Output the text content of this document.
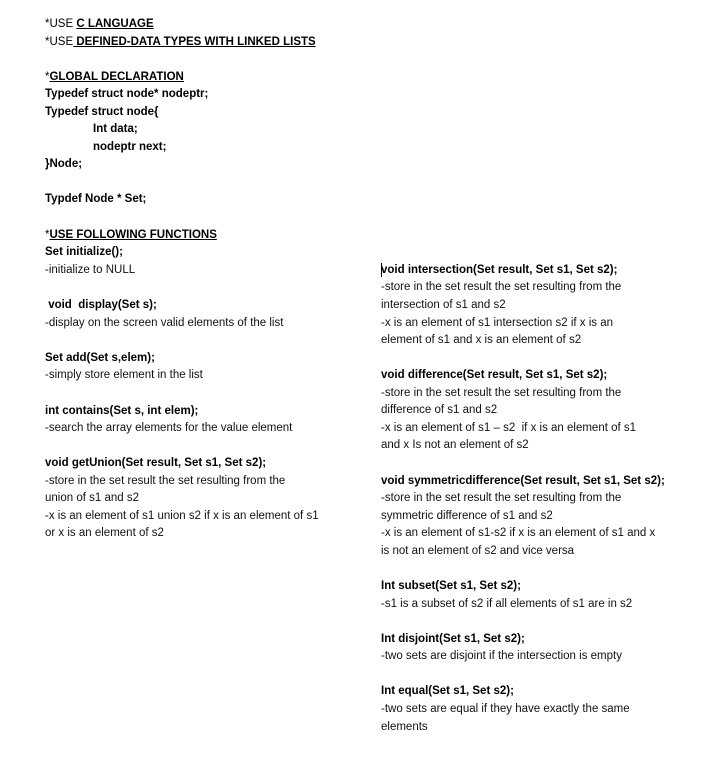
*USE C LANGUAGE
*USE DEFINED-DATA TYPES WITH LINKED LISTS
*GLOBAL DECLARATION
Typedef struct node* nodeptr;
Typedef struct node{
Int data;
nodeptr next;
}Node;
Typdef Node * Set;
*USE FOLLOWING FUNCTIONS
Set initialize();
-initialize to NULL
void  display(Set s);
-display on the screen valid elements of the list
Set add(Set s,elem);
-simply store element in the list
int contains(Set s, int elem);
-search the array elements for the value element
void getUnion(Set result, Set s1, Set s2);
-store in the set result the set resulting from the
union of s1 and s2
-x is an element of s1 union s2 if x is an element of s1
or x is an element of s2
void intersection(Set result, Set s1, Set s2);
-store in the set result the set resulting from the
intersection of s1 and s2
-x is an element of s1 intersection s2 if x is an
element of s1 and x is an element of s2
void difference(Set result, Set s1, Set s2);
-store in the set result the set resulting from the
difference of s1 and s2
-x is an element of s1 – s2  if x is an element of s1
and x Is not an element of s2
void symmetricdifference(Set result, Set s1, Set s2);
-store in the set result the set resulting from the
symmetric difference of s1 and s2
-x is an element of s1-s2 if x is an element of s1 and x
is not an element of s2 and vice versa
Int subset(Set s1, Set s2);
-s1 is a subset of s2 if all elements of s1 are in s2
Int disjoint(Set s1, Set s2);
-two sets are disjoint if the intersection is empty
Int equal(Set s1, Set s2);
-two sets are equal if they have exactly the same
elements
